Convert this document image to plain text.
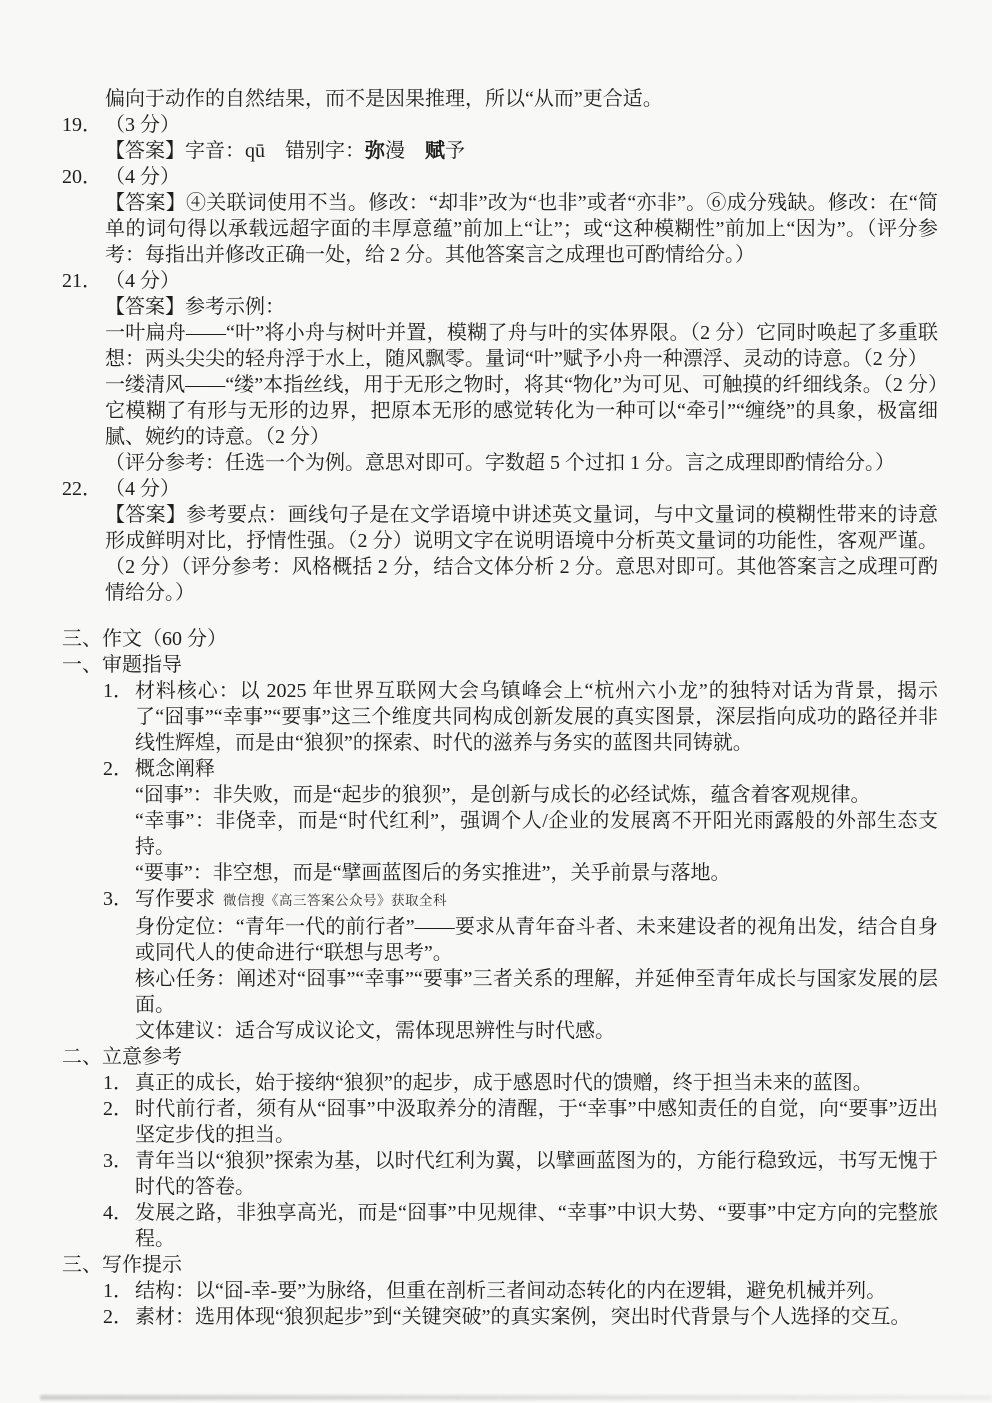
偏向于动作的自然结果，而不是因果推理，所以“从而”更合适。

19． （3 分）

【答案】字音：qū　错别字：弥漫　赋予

20． （4 分）

【答案】④关联词使用不当。修改：“却非”改为“也非”或者“亦非”。⑥成分残缺。修改：在“简单的词句得以承载远超字面的丰厚意蕴”前加上“让”；或“这种模糊性”前加上“因为”。（评分参考：每指出并修改正确一处，给 2 分。其他答案言之成理也可酌情给分。）

21． （4 分）

【答案】参考示例：

一叶扁舟——“叶”将小舟与树叶并置，模糊了舟与叶的实体界限。（2 分）它同时唤起了多重联想：两头尖尖的轻舟浮于水上，随风飘零。量词“叶”赋予小舟一种漂浮、灵动的诗意。（2 分）

一缕清风——“缕”本指丝线，用于无形之物时，将其“物化”为可见、可触摸的纤细线条。（2 分）它模糊了有形与无形的边界，把原本无形的感觉转化为一种可以“牵引”“缠绕”的具象，极富细腻、婉约的诗意。（2 分）

（评分参考：任选一个为例。意思对即可。字数超 5 个过扣 1 分。言之成理即酌情给分。）

22． （4 分）

【答案】参考要点：画线句子是在文学语境中讲述英文量词，与中文量词的模糊性带来的诗意形成鲜明对比，抒情性强。（2 分）说明文字在说明语境中分析英文量词的功能性，客观严谨。（2 分）（评分参考：风格概括 2 分，结合文体分析 2 分。意思对即可。其他答案言之成理可酌情给分。）

三、作文（60 分）

一、审题指导

1． 材料核心：以 2025 年世界互联网大会乌镇峰会上“杭州六小龙”的独特对话为背景，揭示了“囧事”“幸事”“要事”这三个维度共同构成创新发展的真实图景，深层指向成功的路径并非线性辉煌，而是由“狼狈”的探索、时代的滋养与务实的蓝图共同铸就。
2． 概念阐释

“囧事”：非失败，而是“起步的狼狈”，是创新与成长的必经试炼，蕴含着客观规律。

“幸事”：非侥幸，而是“时代红利”，强调个人/企业的发展离不开阳光雨露般的外部生态支持。

“要事”：非空想，而是“擘画蓝图后的务实推进”，关乎前景与落地。

3． 写作要求 微信搜《高三答案公众号》获取全科

身份定位：“青年一代的前行者”——要求从青年奋斗者、未来建设者的视角出发，结合自身或同代人的使命进行“联想与思考”。

核心任务：阐述对“囧事”“幸事”“要事”三者关系的理解，并延伸至青年成长与国家发展的层面。

文体建议：适合写成议论文，需体现思辨性与时代感。

二、立意参考

1． 真正的成长，始于接纳“狼狈”的起步，成于感恩时代的馈赠，终于担当未来的蓝图。
2． 时代前行者，须有从“囧事”中汲取养分的清醒，于“幸事”中感知责任的自觉，向“要事”迈出坚定步伐的担当。
3． 青年当以“狼狈”探索为基，以时代红利为翼，以擘画蓝图为的，方能行稳致远，书写无愧于时代的答卷。
4． 发展之路，非独享高光，而是“囧事”中见规律、“幸事”中识大势、“要事”中定方向的完整旅程。

三、写作提示

1． 结构：以“囧-幸-要”为脉络，但重在剖析三者间动态转化的内在逻辑，避免机械并列。
2． 素材：选用体现“狼狈起步”到“关键突破”的真实案例，突出时代背景与个人选择的交互。
